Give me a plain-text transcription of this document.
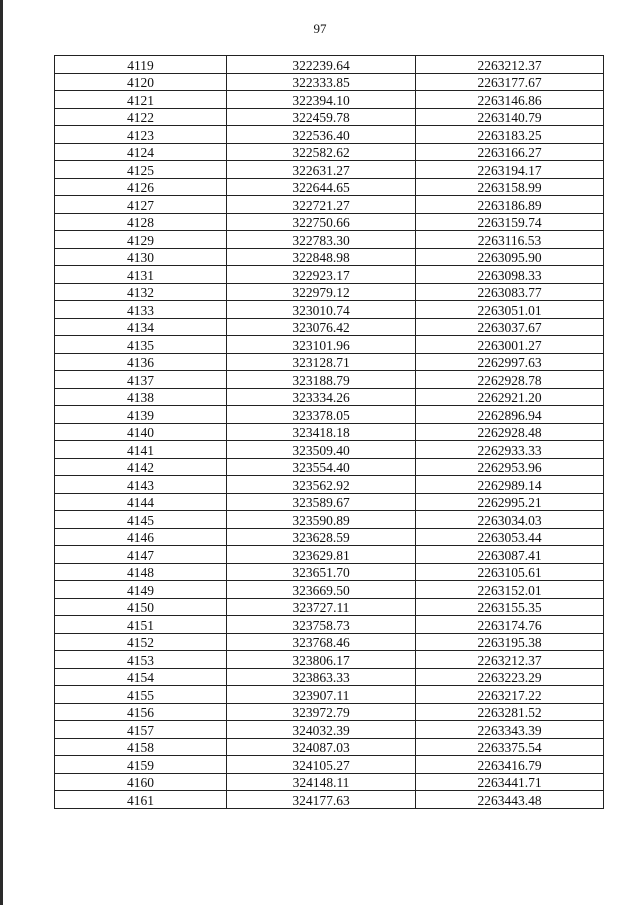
97
4119	322239.64	2263212.37
4120	322333.85	2263177.67
4121	322394.10	2263146.86
4122	322459.78	2263140.79
4123	322536.40	2263183.25
4124	322582.62	2263166.27
4125	322631.27	2263194.17
4126	322644.65	2263158.99
4127	322721.27	2263186.89
4128	322750.66	2263159.74
4129	322783.30	2263116.53
4130	322848.98	2263095.90
4131	322923.17	2263098.33
4132	322979.12	2263083.77
4133	323010.74	2263051.01
4134	323076.42	2263037.67
4135	323101.96	2263001.27
4136	323128.71	2262997.63
4137	323188.79	2262928.78
4138	323334.26	2262921.20
4139	323378.05	2262896.94
4140	323418.18	2262928.48
4141	323509.40	2262933.33
4142	323554.40	2262953.96
4143	323562.92	2262989.14
4144	323589.67	2262995.21
4145	323590.89	2263034.03
4146	323628.59	2263053.44
4147	323629.81	2263087.41
4148	323651.70	2263105.61
4149	323669.50	2263152.01
4150	323727.11	2263155.35
4151	323758.73	2263174.76
4152	323768.46	2263195.38
4153	323806.17	2263212.37
4154	323863.33	2263223.29
4155	323907.11	2263217.22
4156	323972.79	2263281.52
4157	324032.39	2263343.39
4158	324087.03	2263375.54
4159	324105.27	2263416.79
4160	324148.11	2263441.71
4161	324177.63	2263443.48
